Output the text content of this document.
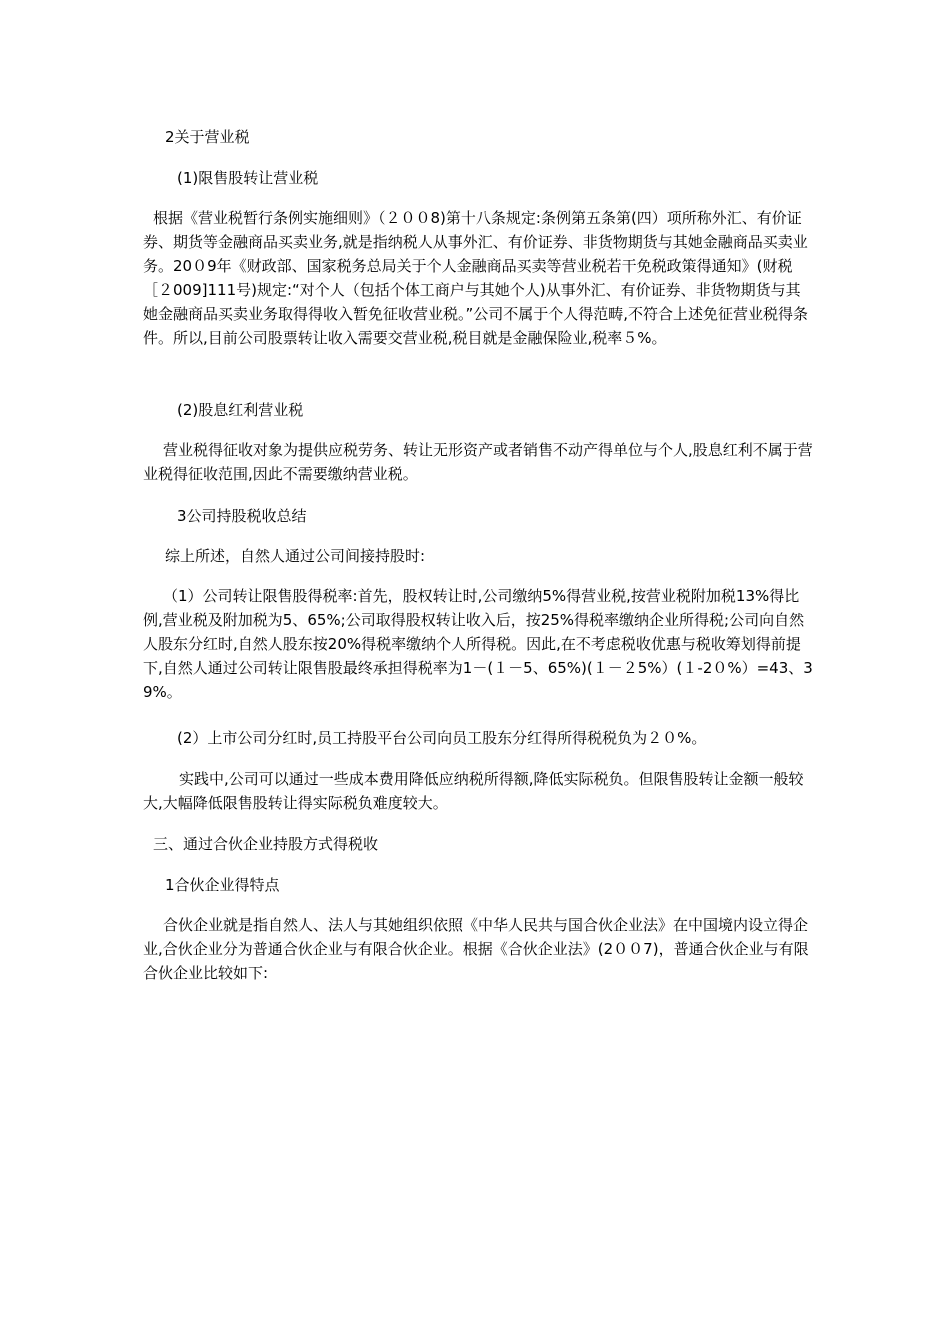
2关于营业税

(1)限售股转让营业税

根据《营业税暂行条例实施细则》（２００8)第十八条规定:条例第五条第(四）项所称外汇、有价证券、期货等金融商品买卖业务,就是指纳税人从事外汇、有价证券、非货物期货与其她金融商品买卖业务。20０9年《财政部、国家税务总局关于个人金融商品买卖等营业税若干免税政策得通知》(财税［２009]111号)规定:“对个人（包括个体工商户与其她个人)从事外汇、有价证券、非货物期货与其她金融商品买卖业务取得得收入暂免征收营业税。”公司不属于个人得范畴,不符合上述免征营业税得条件。所以,目前公司股票转让收入需要交营业税,税目就是金融保险业,税率５%。

(2)股息红利营业税

营业税得征收对象为提供应税劳务、转让无形资产或者销售不动产得单位与个人,股息红利不属于营业税得征收范围,因此不需要缴纳营业税。

3公司持股税收总结

综上所述，自然人通过公司间接持股时:

（1）公司转让限售股得税率:首先，股权转让时,公司缴纳5%得营业税,按营业税附加税13%得比例,营业税及附加税为5、65%;公司取得股权转让收入后，按25%得税率缴纳企业所得税;公司向自然人股东分红时,自然人股东按20%得税率缴纳个人所得税。因此,在不考虑税收优惠与税收筹划得前提下,自然人通过公司转让限售股最终承担得税率为1－(１－5、65%)(１－２5%）(１-2０%）=43、39%。

(2）上市公司分红时,员工持股平台公司向员工股东分红得所得税税负为２０%。

实践中,公司可以通过一些成本费用降低应纳税所得额,降低实际税负。但限售股转让金额一般较大,大幅降低限售股转让得实际税负难度较大。

三、通过合伙企业持股方式得税收

1合伙企业得特点

合伙企业就是指自然人、法人与其她组织依照《中华人民共与国合伙企业法》在中国境内设立得企业,合伙企业分为普通合伙企业与有限合伙企业。根据《合伙企业法》(2００7)，普通合伙企业与有限合伙企业比较如下:
